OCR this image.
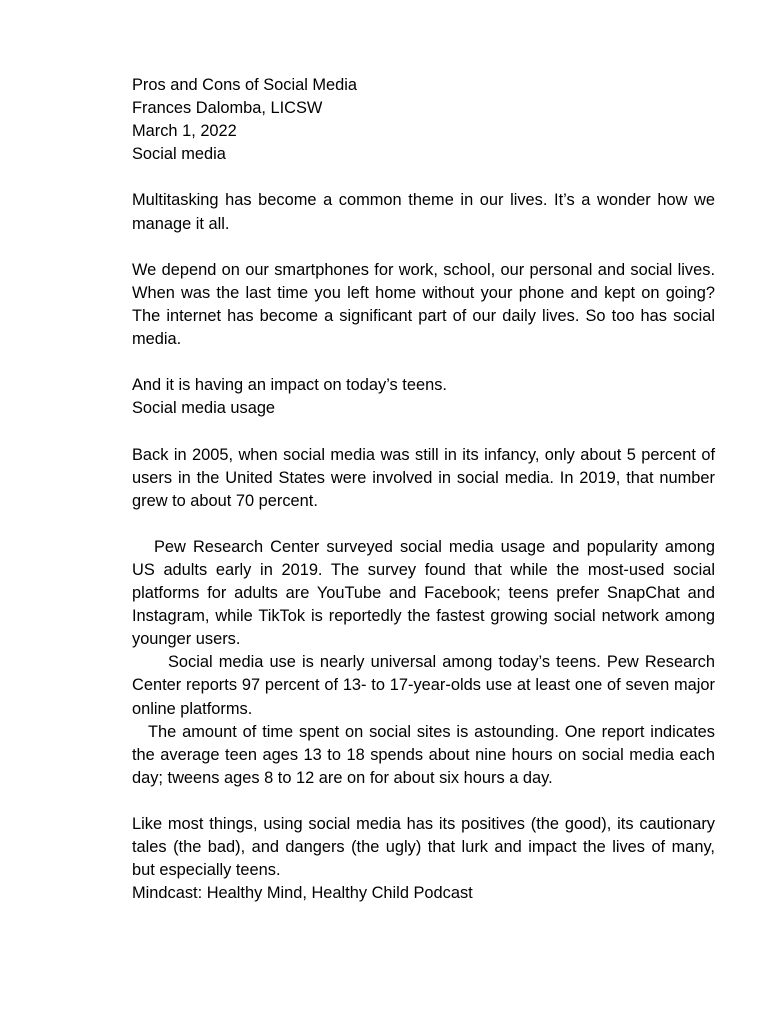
Pros and Cons of Social Media

Frances Dalomba, LICSW

March 1, 2022

Social media

Multitasking has become a common theme in our lives. It’s a wonder how we manage it all.

We depend on our smartphones for work, school, our personal and social lives. When was the last time you left home without your phone and kept on going? The internet has become a significant part of our daily lives. So too has social media.

And it is having an impact on today’s teens.

Social media usage

Back in 2005, when social media was still in its infancy, only about 5 percent of users in the United States were involved in social media. In 2019, that number grew to about 70 percent.

Pew Research Center surveyed social media usage and popularity among US adults early in 2019. The survey found that while the most-used social platforms for adults are YouTube and Facebook; teens prefer SnapChat and Instagram, while TikTok is reportedly the fastest growing social network among younger users.

Social media use is nearly universal among today’s teens. Pew Research Center reports 97 percent of 13- to 17-year-olds use at least one of seven major online platforms.

The amount of time spent on social sites is astounding. One report indicates the average teen ages 13 to 18 spends about nine hours on social media each day; tweens ages 8 to 12 are on for about six hours a day.

Like most things, using social media has its positives (the good), its cautionary tales (the bad), and dangers (the ugly) that lurk and impact the lives of many, but especially teens.

Mindcast: Healthy Mind, Healthy Child Podcast
